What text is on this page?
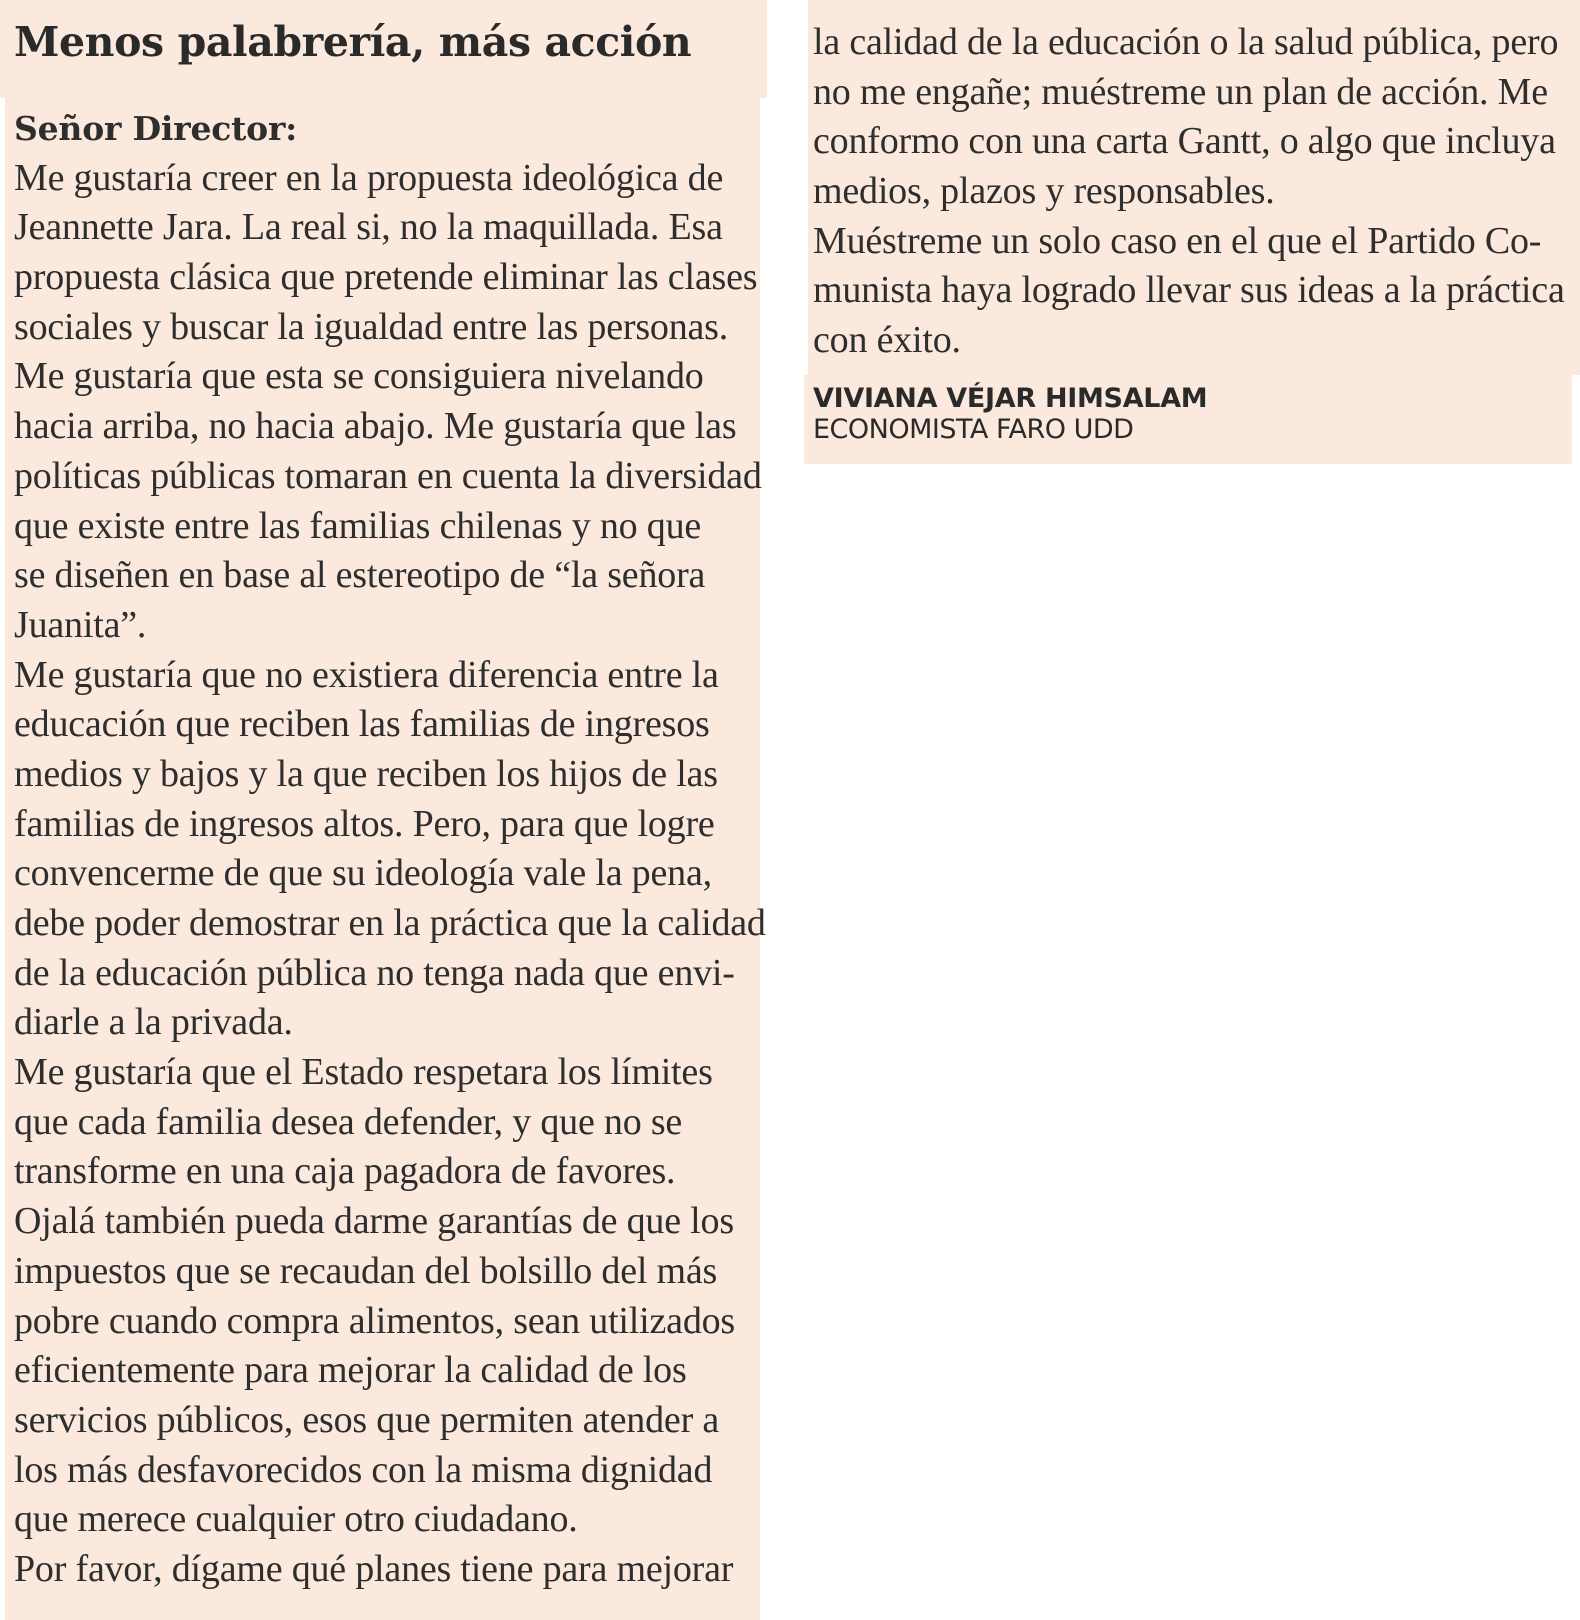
Menos palabrería, más acción
Señor Director:
Me gustaría creer en la propuesta ideológica de
Jeannette Jara. La real si, no la maquillada. Esa
propuesta clásica que pretende eliminar las clases
sociales y buscar la igualdad entre las personas.
Me gustaría que esta se consiguiera nivelando
hacia arriba, no hacia abajo. Me gustaría que las
políticas públicas tomaran en cuenta la diversidad
que existe entre las familias chilenas y no que
se diseñen en base al estereotipo de “la señora
Juanita”.
Me gustaría que no existiera diferencia entre la
educación que reciben las familias de ingresos
medios y bajos y la que reciben los hijos de las
familias de ingresos altos. Pero, para que logre
convencerme de que su ideología vale la pena,
debe poder demostrar en la práctica que la calidad
de la educación pública no tenga nada que envi-
diarle a la privada.
Me gustaría que el Estado respetara los límites
que cada familia desea defender, y que no se
transforme en una caja pagadora de favores.
Ojalá también pueda darme garantías de que los
impuestos que se recaudan del bolsillo del más
pobre cuando compra alimentos, sean utilizados
eficientemente para mejorar la calidad de los
servicios públicos, esos que permiten atender a
los más desfavorecidos con la misma dignidad
que merece cualquier otro ciudadano.
Por favor, dígame qué planes tiene para mejorar
la calidad de la educación o la salud pública, pero
no me engañe; muéstreme un plan de acción. Me
conformo con una carta Gantt, o algo que incluya
medios, plazos y responsables.
Muéstreme un solo caso en el que el Partido Co-
munista haya logrado llevar sus ideas a la práctica
con éxito.
VIVIANA VÉJAR HIMSALAM
ECONOMISTA FARO UDD
